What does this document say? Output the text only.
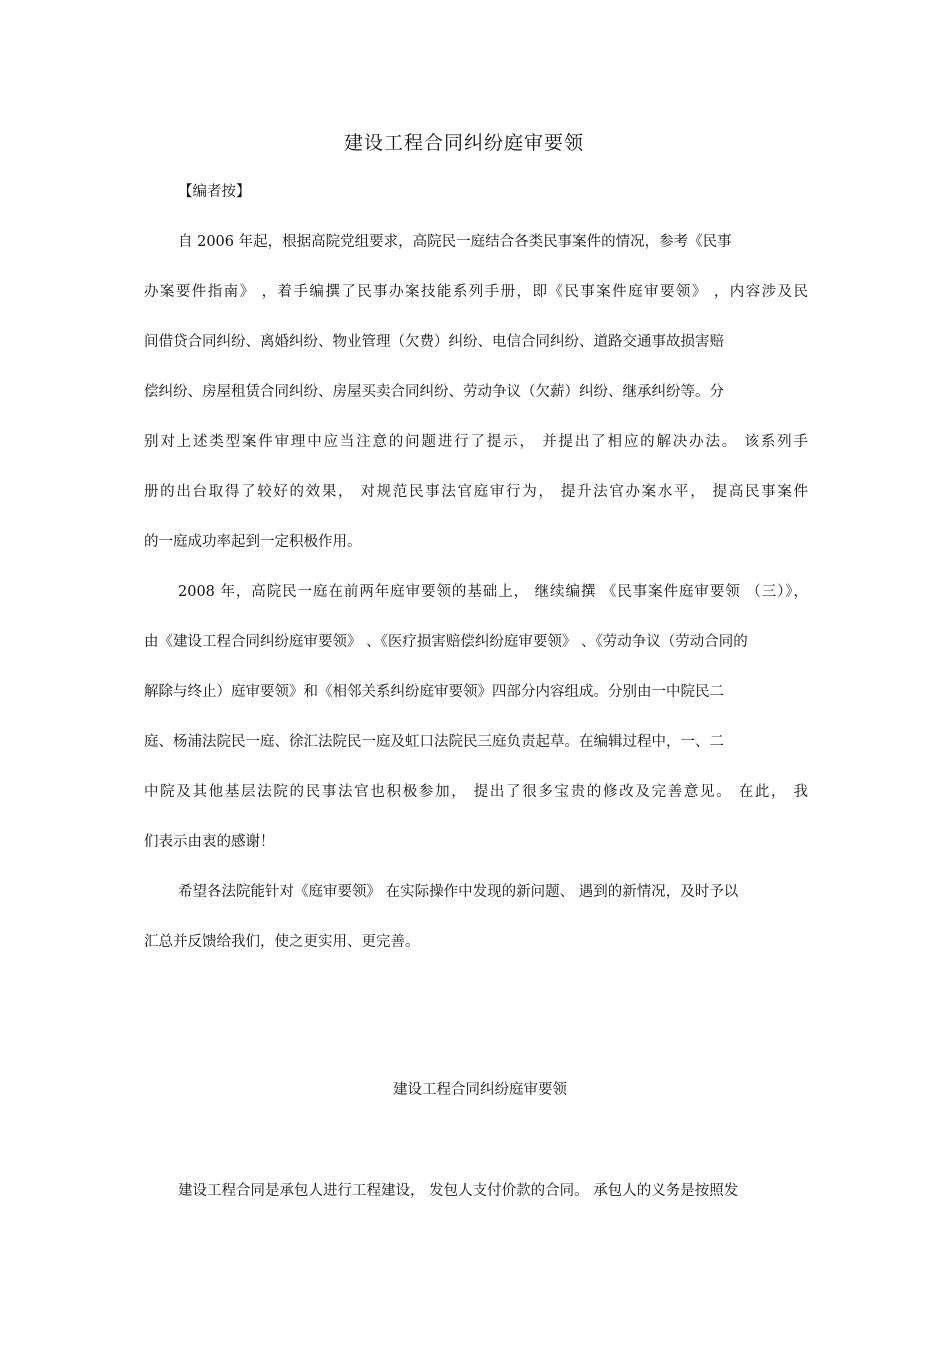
建设工程合同纠纷庭审要领
【编者按】
自 2006 年起，根据高院党组要求，高院民一庭结合各类民事案件的情况，参考《民事
办案要件指南》 ，着手编撰了民事办案技能系列手册，即《民事案件庭审要领》 ，内容涉及民
间借贷合同纠纷、离婚纠纷、物业管理（欠费）纠纷、电信合同纠纷、道路交通事故损害赔
偿纠纷、房屋租赁合同纠纷、房屋买卖合同纠纷、劳动争议（欠薪）纠纷、继承纠纷等。分
别对上述类型案件审理中应当注意的问题进行了提示， 并提出了相应的解决办法。 该系列手
册的出台取得了较好的效果， 对规范民事法官庭审行为， 提升法官办案水平， 提高民事案件
的一庭成功率起到一定积极作用。
2008 年，高院民一庭在前两年庭审要领的基础上， 继续编撰 《民事案件庭审要领 （三）》，
由《建设工程合同纠纷庭审要领》 、《医疗损害赔偿纠纷庭审要领》 、《劳动争议（劳动合同的
解除与终止）庭审要领》和《相邻关系纠纷庭审要领》四部分内容组成。分别由一中院民二
庭、杨浦法院民一庭、徐汇法院民一庭及虹口法院民三庭负责起草。在编辑过程中，一、二
中院及其他基层法院的民事法官也积极参加， 提出了很多宝贵的修改及完善意见。 在此， 我
们表示由衷的感谢！
希望各法院能针对《庭审要领》 在实际操作中发现的新问题、 遇到的新情况，及时予以
汇总并反馈给我们，使之更实用、更完善。
建设工程合同纠纷庭审要领
建设工程合同是承包人进行工程建设， 发包人支付价款的合同。 承包人的义务是按照发
